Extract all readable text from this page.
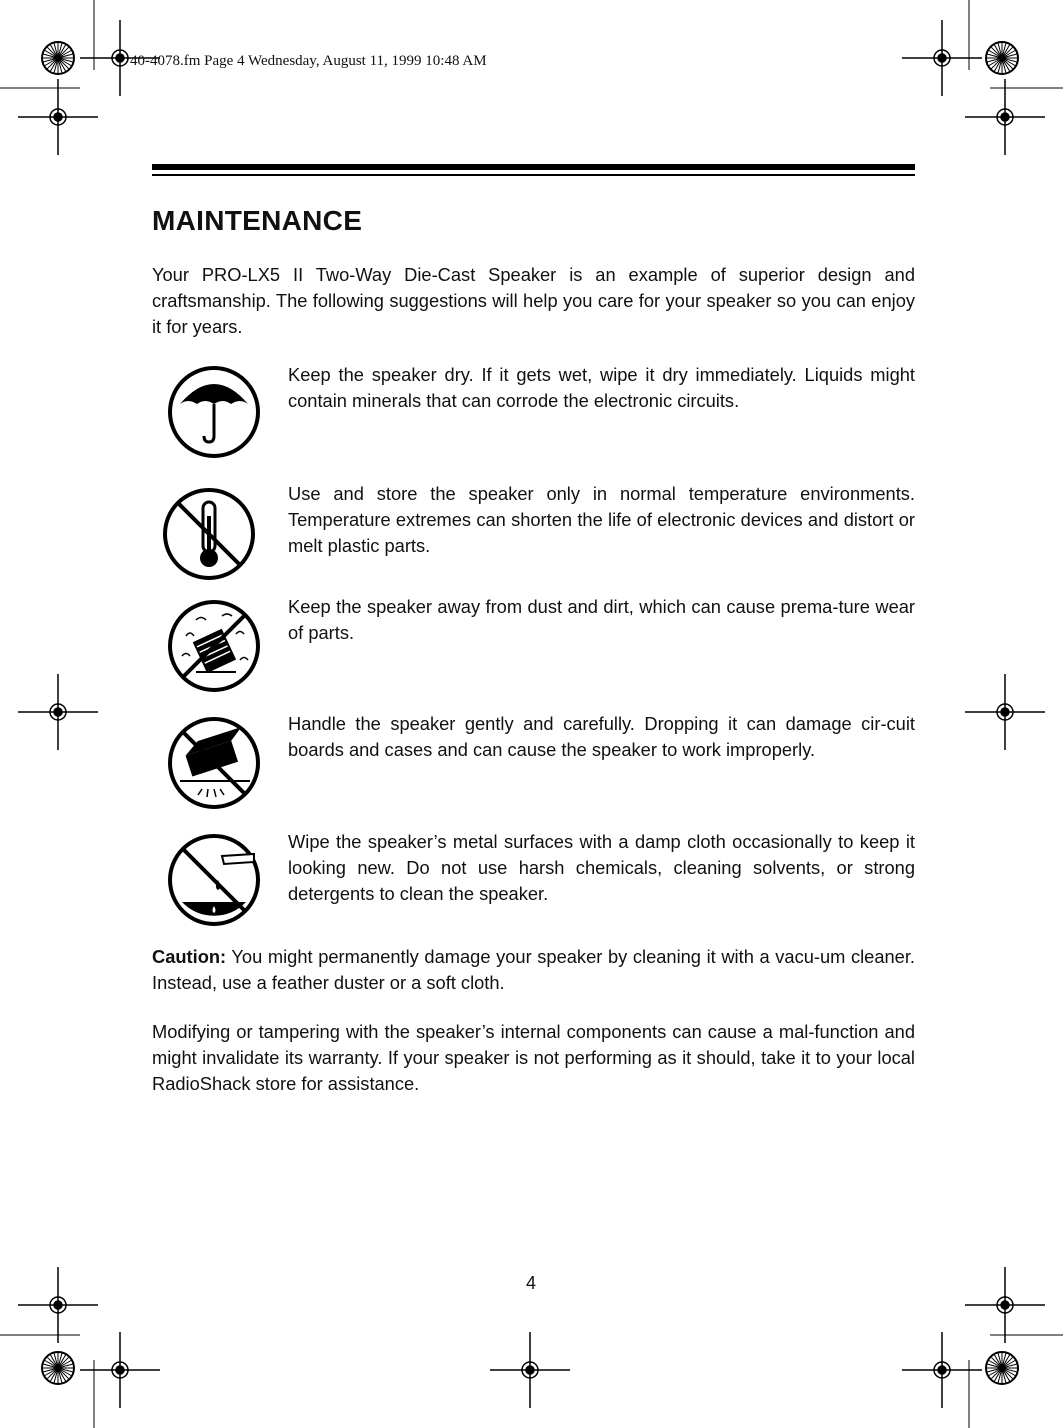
40-4078.fm Page 4 Wednesday, August 11, 1999 10:48 AM
MAINTENANCE

Your PRO-LX5 II Two-Way Die-Cast Speaker is an example of superior design and craftsmanship. The following suggestions will help you care for your speaker so you can enjoy it for years.

Keep the speaker dry. If it gets wet, wipe it dry immediately. Liquids might contain minerals that can corrode the electronic circuits.

Use and store the speaker only in normal temperature environments. Temperature extremes can shorten the life of electronic devices and distort or melt plastic parts.

Keep the speaker away from dust and dirt, which can cause prema-ture wear of parts.

Handle the speaker gently and carefully. Dropping it can damage cir-cuit boards and cases and can cause the speaker to work improperly.

Wipe the speaker’s metal surfaces with a damp cloth occasionally to keep it looking new. Do not use harsh chemicals, cleaning solvents, or strong detergents to clean the speaker.

Caution: You might permanently damage your speaker by cleaning it with a vacu-um cleaner. Instead, use a feather duster or a soft cloth.

Modifying or tampering with the speaker’s internal components can cause a mal-function and might invalidate its warranty. If your speaker is not performing as it should, take it to your local RadioShack store for assistance.

4
